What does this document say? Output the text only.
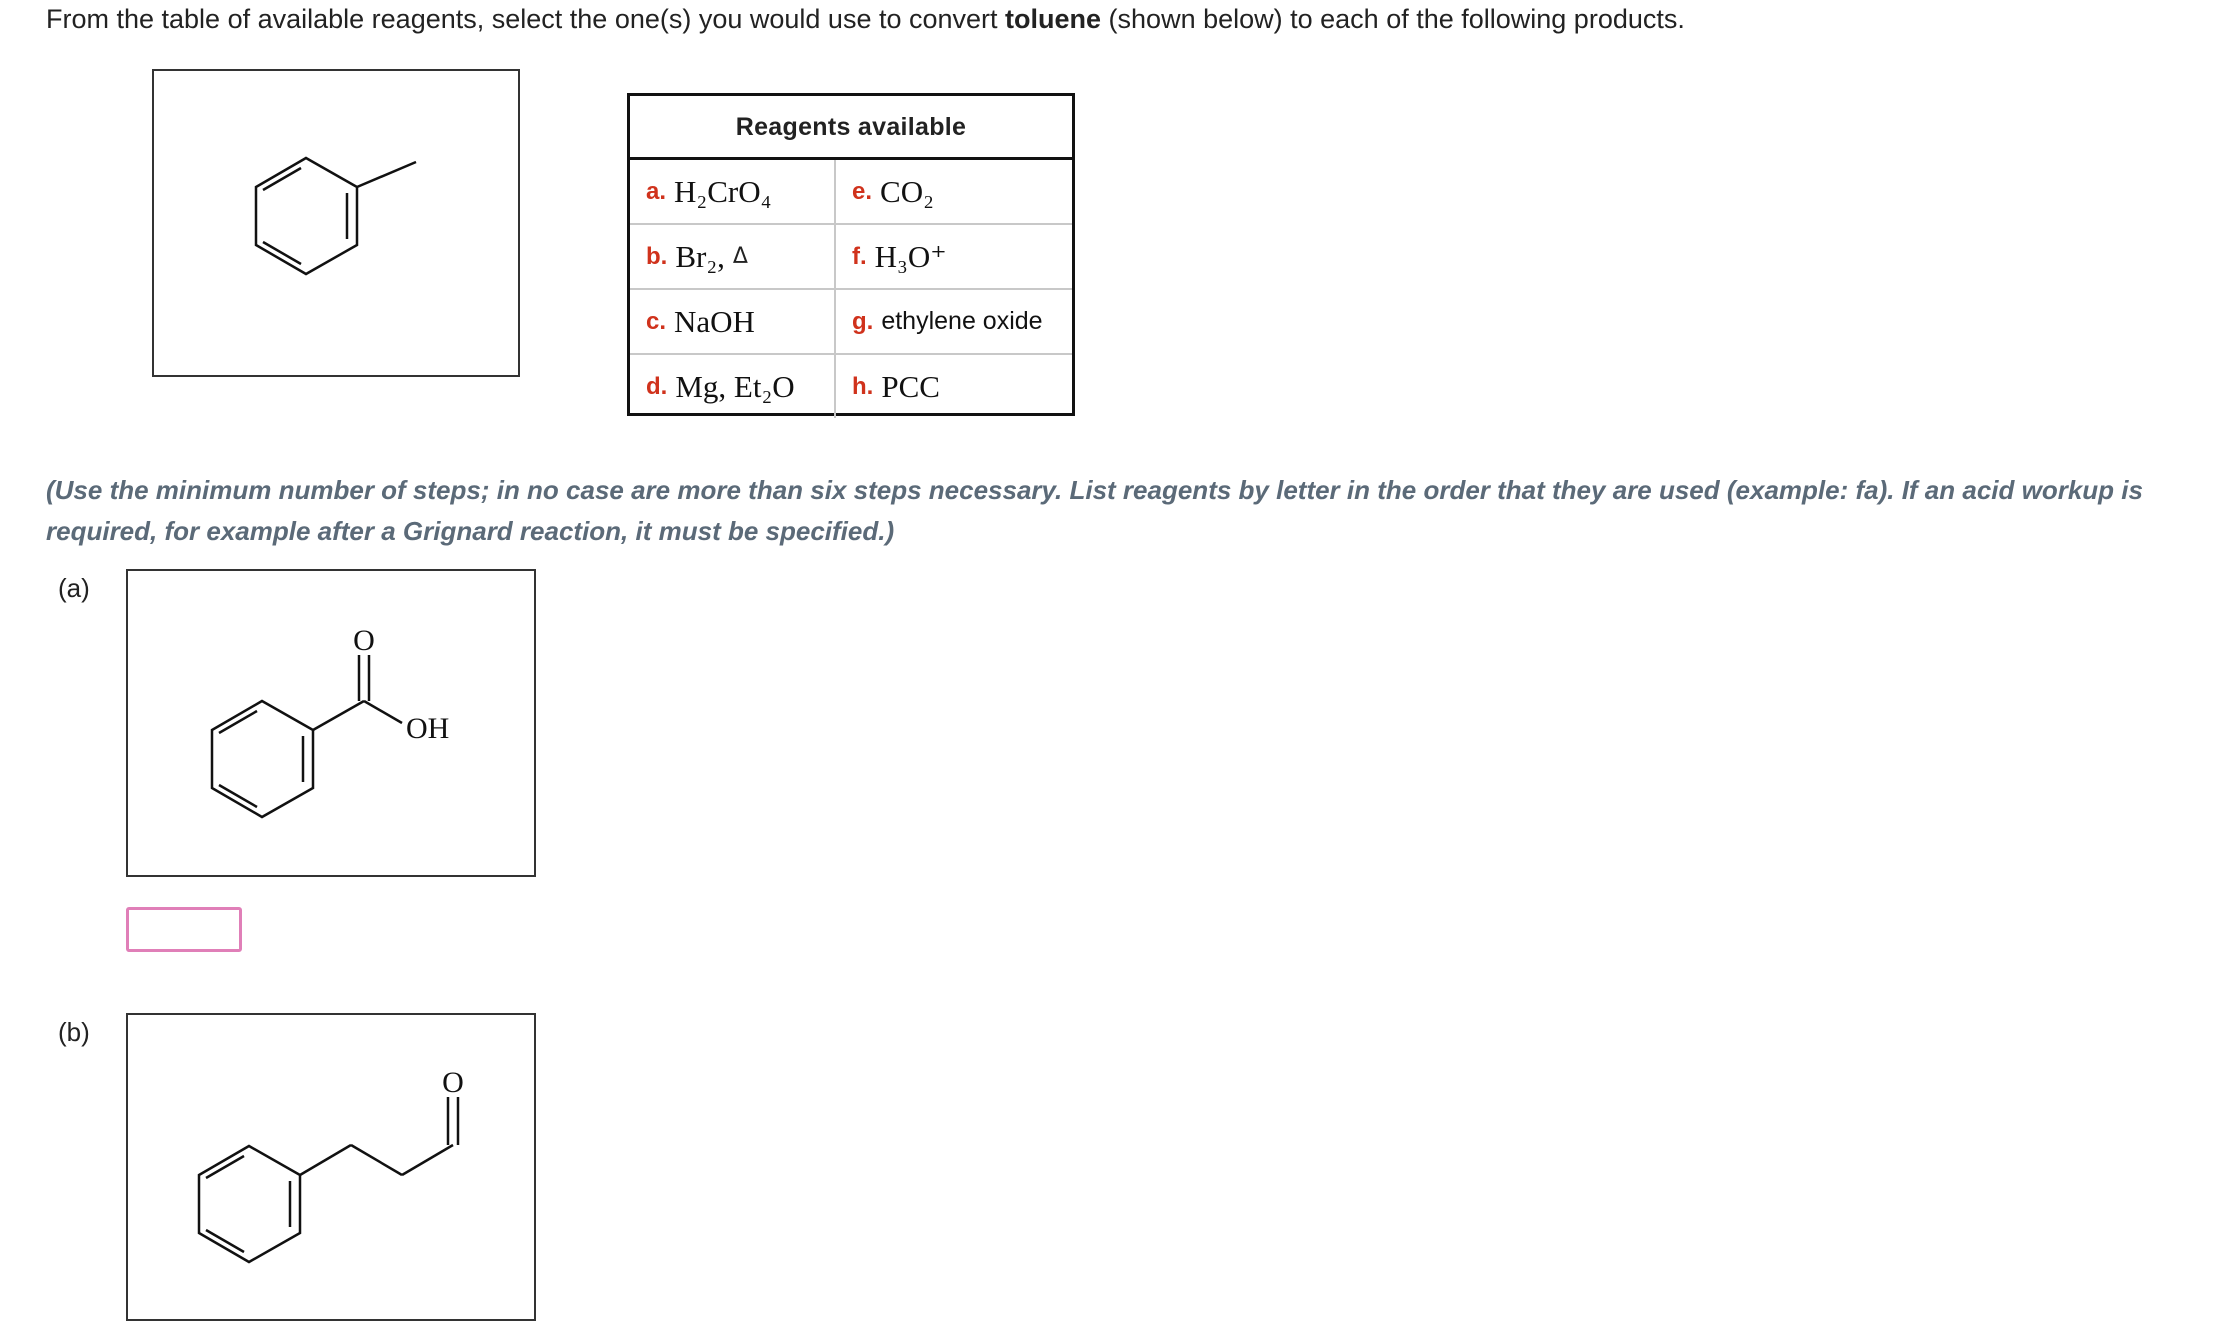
From the table of available reagents, select the one(s) you would use to convert toluene (shown below) to each of the following products.
Reagents available
a. H₂CrO₄	e. CO₂
b. Br₂, Δ	f. H₃O⁺
c. NaOH	g. ethylene oxide
d. Mg, Et₂O h. PCC
(Use the minimum number of steps; in no case are more than six steps necessary. List reagents by letter in the order that they are used (example: fa). If an acid workup is required, for example after a Grignard reaction, it must be specified.)
(a)
O
OH
(b)
O
